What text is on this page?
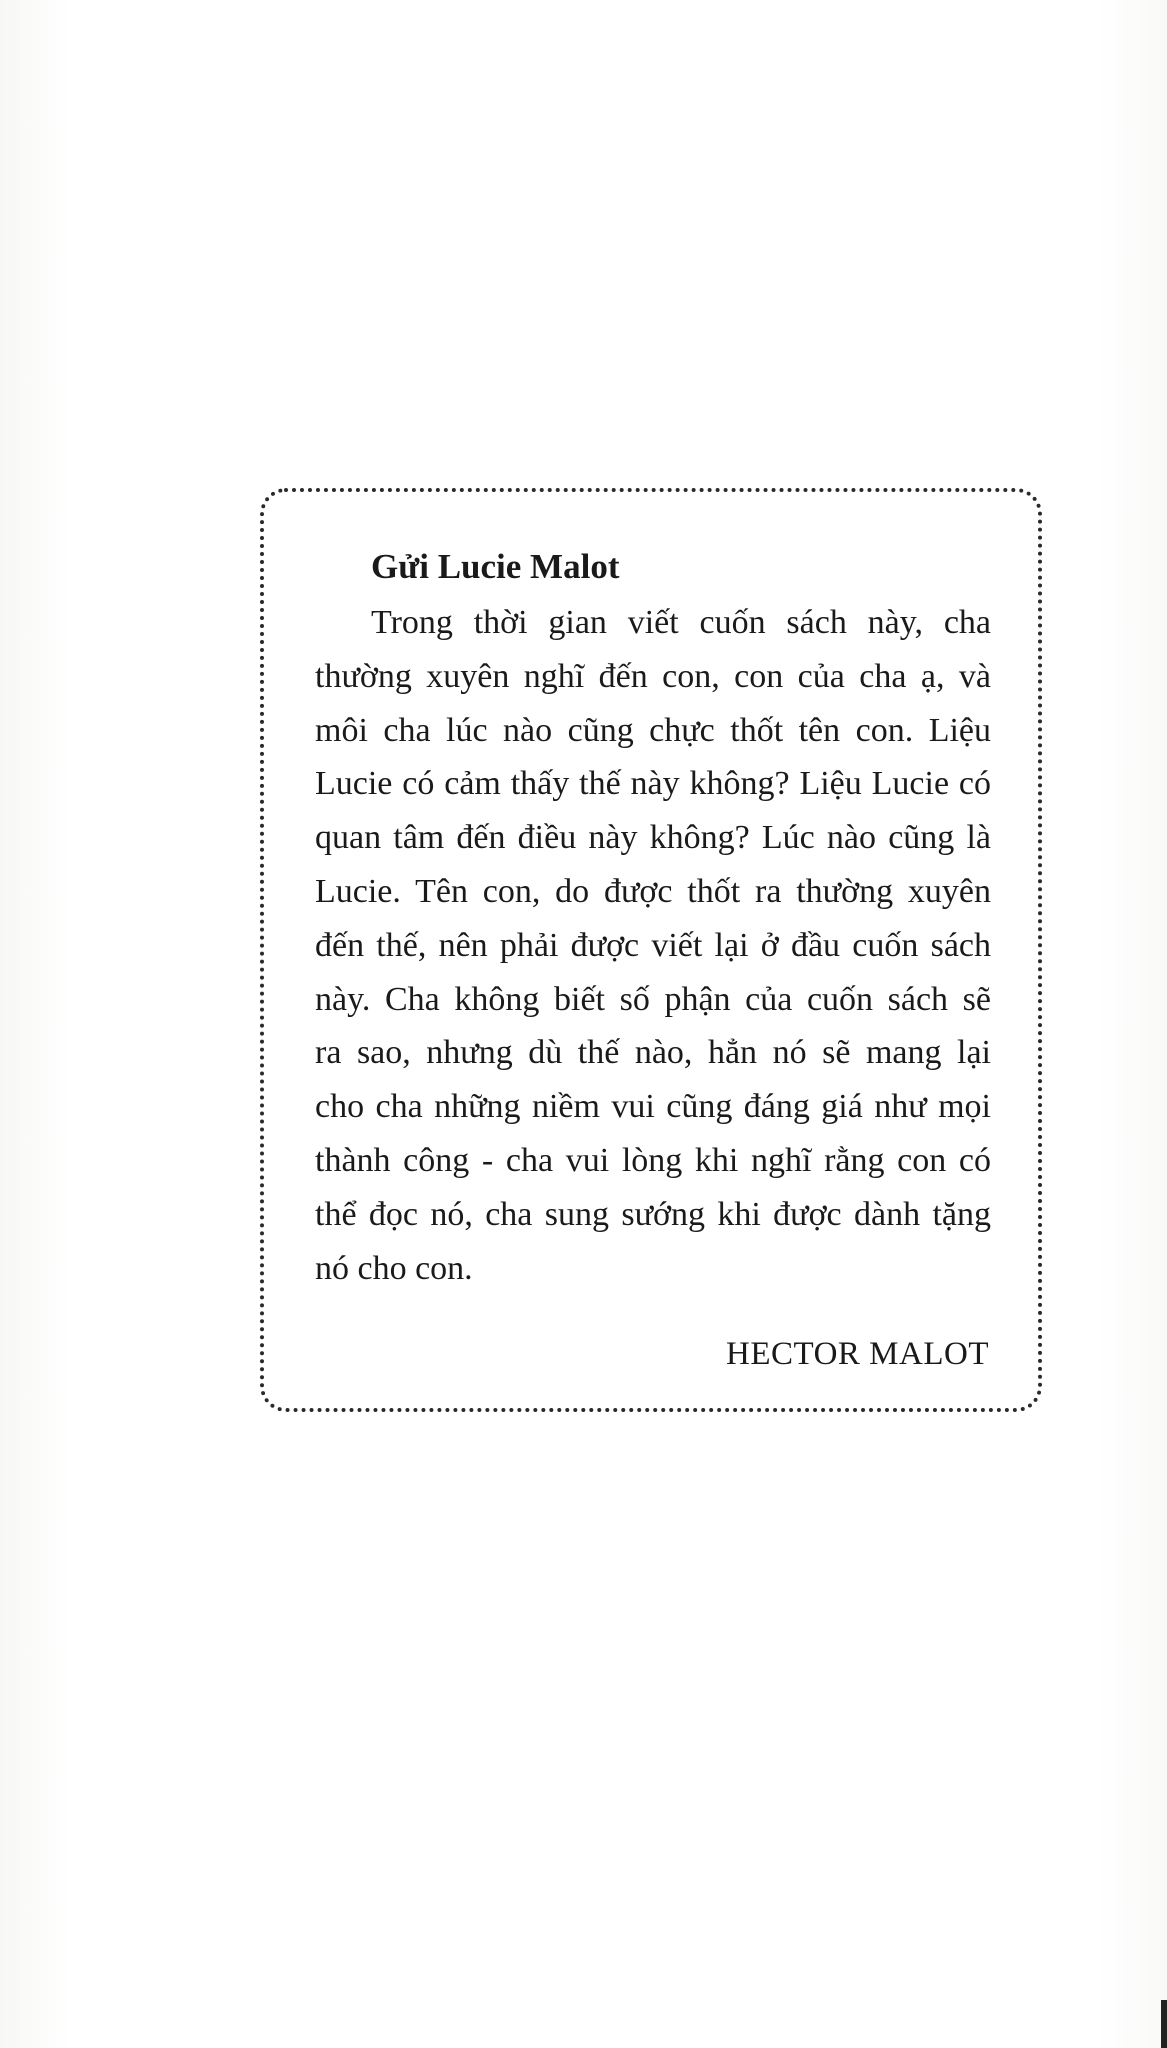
Gửi Lucie Malot

Trong thời gian viết cuốn sách này, cha
thường xuyên nghĩ đến con, con của cha ạ, và
môi cha lúc nào cũng chực thốt tên con. Liệu
Lucie có cảm thấy thế này không? Liệu Lucie có
quan tâm đến điều này không? Lúc nào cũng là
Lucie. Tên con, do được thốt ra thường xuyên
đến thế, nên phải được viết lại ở đầu cuốn sách
này. Cha không biết số phận của cuốn sách sẽ
ra sao, nhưng dù thế nào, hẳn nó sẽ mang lại
cho cha những niềm vui cũng đáng giá như mọi
thành công - cha vui lòng khi nghĩ rằng con có
thể đọc nó, cha sung sướng khi được dành tặng
nó cho con.

HECTOR MALOT
